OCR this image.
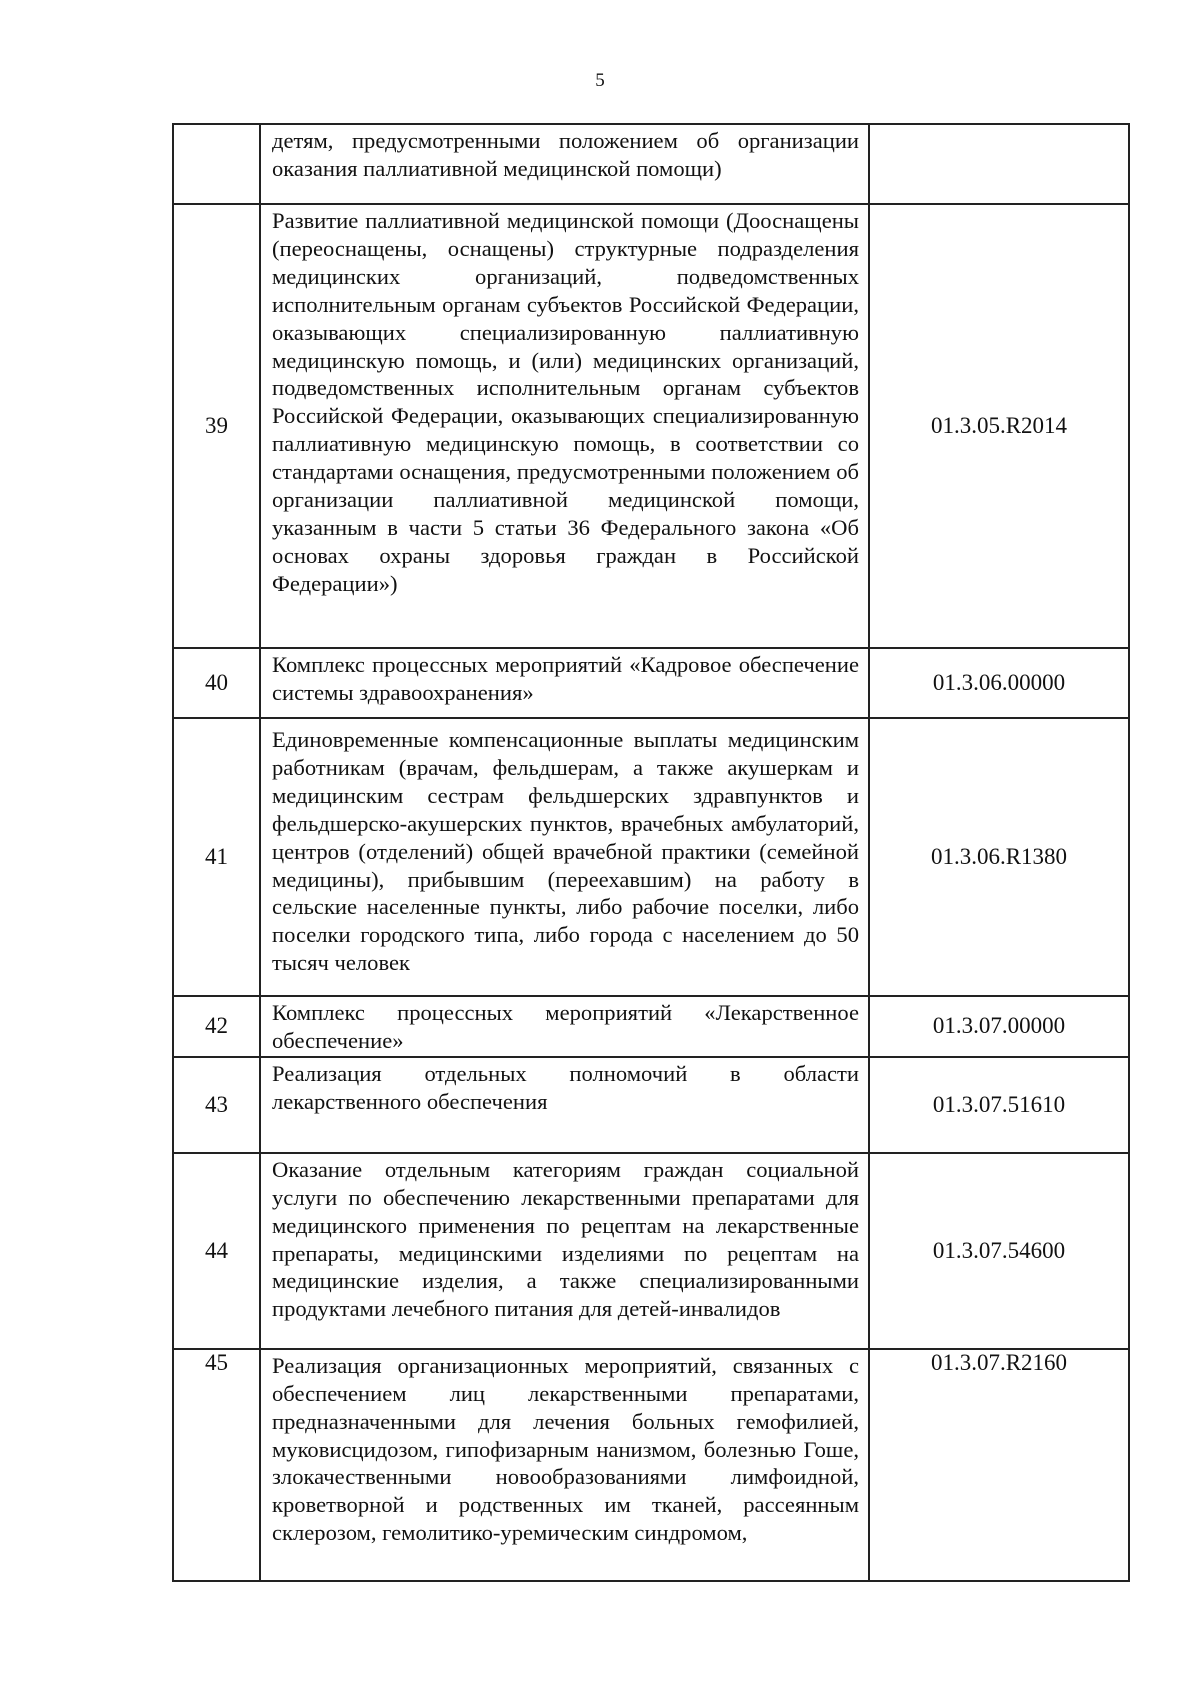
5

	детям, предусмотренными положением об организации оказания паллиативной медицинской помощи)	

39	Развитие паллиативной медицинской помощи (Дооснащены (переоснащены, оснащены) структурные подразделения медицинских организаций, подведомственных исполнительным органам субъектов Российской Федерации, оказывающих специализированную паллиативную медицинскую помощь, и (или) медицинских организаций, подведомственных исполнительным органам субъектов Российской Федерации, оказывающих специализированную паллиативную медицинскую помощь, в соответствии со стандартами оснащения, предусмотренными положением об организации паллиативной медицинской помощи, указанным в части 5 статьи 36 Федерального закона «Об основах охраны здоровья граждан в Российской Федерации»)	01.3.05.R2014
40	Комплекс процессных мероприятий «Кадровое обеспечение системы здравоохранения»	01.3.06.00000
41	Единовременные компенсационные выплаты медицинским работникам (врачам, фельдшерам, а также акушеркам и медицинским сестрам фельдшерских здравпунктов и фельдшерско-акушерских пунктов, врачебных амбулаторий, центров (отделений) общей врачебной практики (семейной медицины), прибывшим (переехавшим) на работу в сельские населенные пункты, либо рабочие поселки, либо поселки городского типа, либо города с населением до 50 тысяч человек	01.3.06.R1380
42	Комплекс процессных мероприятий «Лекарственное обеспечение»	01.3.07.00000
43	Реализация отдельных полномочий в области лекарственного обеспечения	01.3.07.51610
44	Оказание отдельным категориям граждан социальной услуги по обеспечению лекарственными препаратами для медицинского применения по рецептам на лекарственные препараты, медицинскими изделиями по рецептам на медицинские изделия, а также специализированными продуктами лечебного питания для детей-инвалидов	01.3.07.54600
45	Реализация организационных мероприятий, связанных с обеспечением лиц лекарственными препаратами, предназначенными для лечения больных гемофилией, муковисцидозом, гипофизарным нанизмом, болезнью Гоше, злокачественными новообразованиями лимфоидной, кроветворной и родственных им тканей, рассеянным склерозом, гемолитико-уремическим синдромом,	01.3.07.R2160
